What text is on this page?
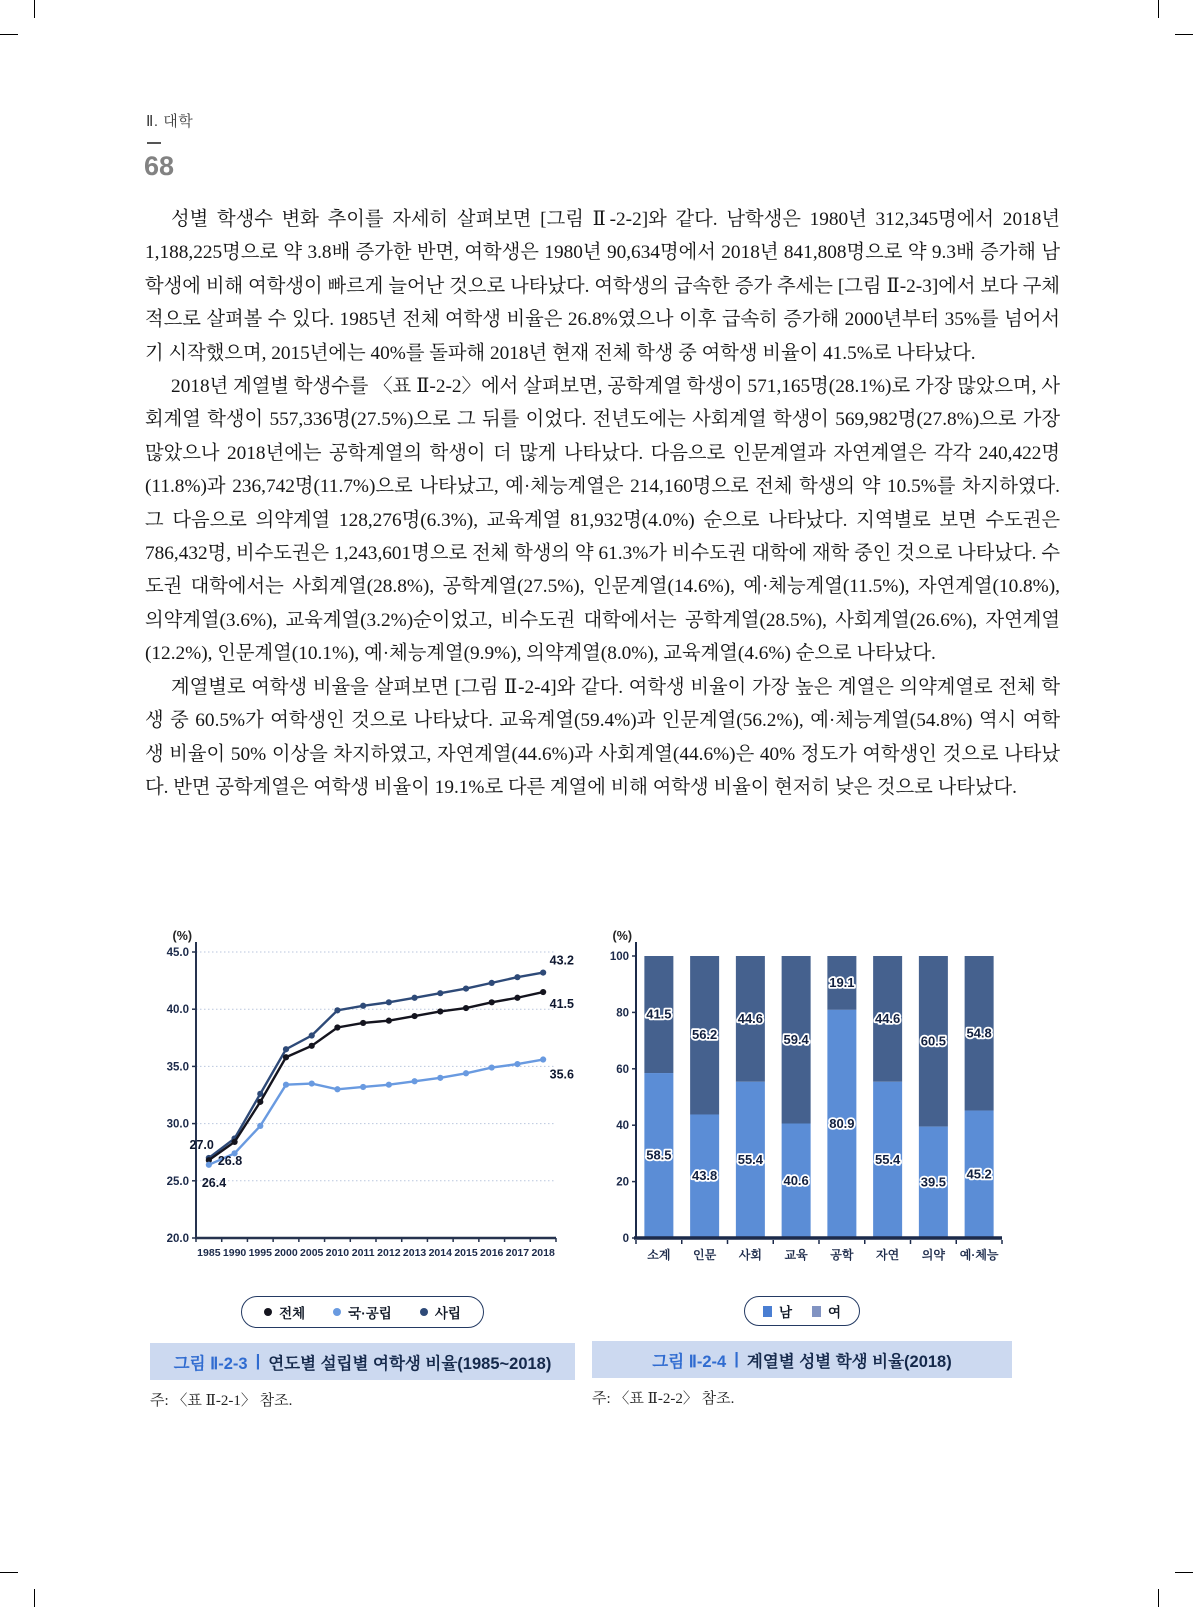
Ⅱ. 대학
68

성별 학생수 변화 추이를 자세히 살펴보면 [그림 Ⅱ-2-2]와 같다. 남학생은 1980년 312,345명에서 2018년 1,188,225명으로 약 3.8배 증가한 반면, 여학생은 1980년 90,634명에서 2018년 841,808명으로 약 9.3배 증가해 남학생에 비해 여학생이 빠르게 늘어난 것으로 나타났다. 여학생의 급속한 증가 추세는 [그림 Ⅱ-2-3]에서 보다 구체적으로 살펴볼 수 있다. 1985년 전체 여학생 비율은 26.8%였으나 이후 급속히 증가해 2000년부터 35%를 넘어서기 시작했으며, 2015년에는 40%를 돌파해 2018년 현재 전체 학생 중 여학생 비율이 41.5%로 나타났다.

2018년 계열별 학생수를 〈표 Ⅱ-2-2〉에서 살펴보면, 공학계열 학생이 571,165명(28.1%)로 가장 많았으며, 사회계열 학생이 557,336명(27.5%)으로 그 뒤를 이었다. 전년도에는 사회계열 학생이 569,982명(27.8%)으로 가장 많았으나 2018년에는 공학계열의 학생이 더 많게 나타났다. 다음으로 인문계열과 자연계열은 각각 240,422명(11.8%)과 236,742명(11.7%)으로 나타났고, 예·체능계열은 214,160명으로 전체 학생의 약 10.5%를 차지하였다. 그 다음으로 의약계열 128,276명(6.3%), 교육계열 81,932명(4.0%) 순으로 나타났다. 지역별로 보면 수도권은 786,432명, 비수도권은 1,243,601명으로 전체 학생의 약 61.3%가 비수도권 대학에 재학 중인 것으로 나타났다. 수도권 대학에서는 사회계열(28.8%), 공학계열(27.5%), 인문계열(14.6%), 예·체능계열(11.5%), 자연계열(10.8%), 의약계열(3.6%), 교육계열(3.2%)순이었고, 비수도권 대학에서는 공학계열(28.5%), 사회계열(26.6%), 자연계열(12.2%), 인문계열(10.1%), 예·체능계열(9.9%), 의약계열(8.0%), 교육계열(4.6%) 순으로 나타났다.

계열별로 여학생 비율을 살펴보면 [그림 Ⅱ-2-4]와 같다. 여학생 비율이 가장 높은 계열은 의약계열로 전체 학생 중 60.5%가 여학생인 것으로 나타났다. 교육계열(59.4%)과 인문계열(56.2%), 예·체능계열(54.8%) 역시 여학생 비율이 50% 이상을 차지하였고, 자연계열(44.6%)과 사회계열(44.6%)은 40% 정도가 여학생인 것으로 나타났다. 반면 공학계열은 여학생 비율이 19.1%로 다른 계열에 비해 여학생 비율이 현저히 낮은 것으로 나타났다.

(%)
45.0
40.0
35.0
30.0
25.0
20.0
1985 1990 1995 2000 2005 2010 2011 2012 2013 2014 2015 2016 2017 2018
26.8
41.5
26.4
35.6
27.0
43.2
전체	국·공립	사립
그림 Ⅱ-2-3 | 연도별 설립별 여학생 비율(1985~2018)
주: 〈표 Ⅱ-2-1〉 참조.
(%)
100
80
60
40
20
0
58.5
41.5
43.8
56.2
55.4
44.6
40.6
59.4
80.9
19.1
55.4
44.6
39.5
60.5
45.2
54.8
소계 인문 사회 교육 공학 자연 의약 예·체능
남	여
그림 Ⅱ-2-4 | 계열별 성별 학생 비율(2018)
주: 〈표 Ⅱ-2-2〉 참조.
